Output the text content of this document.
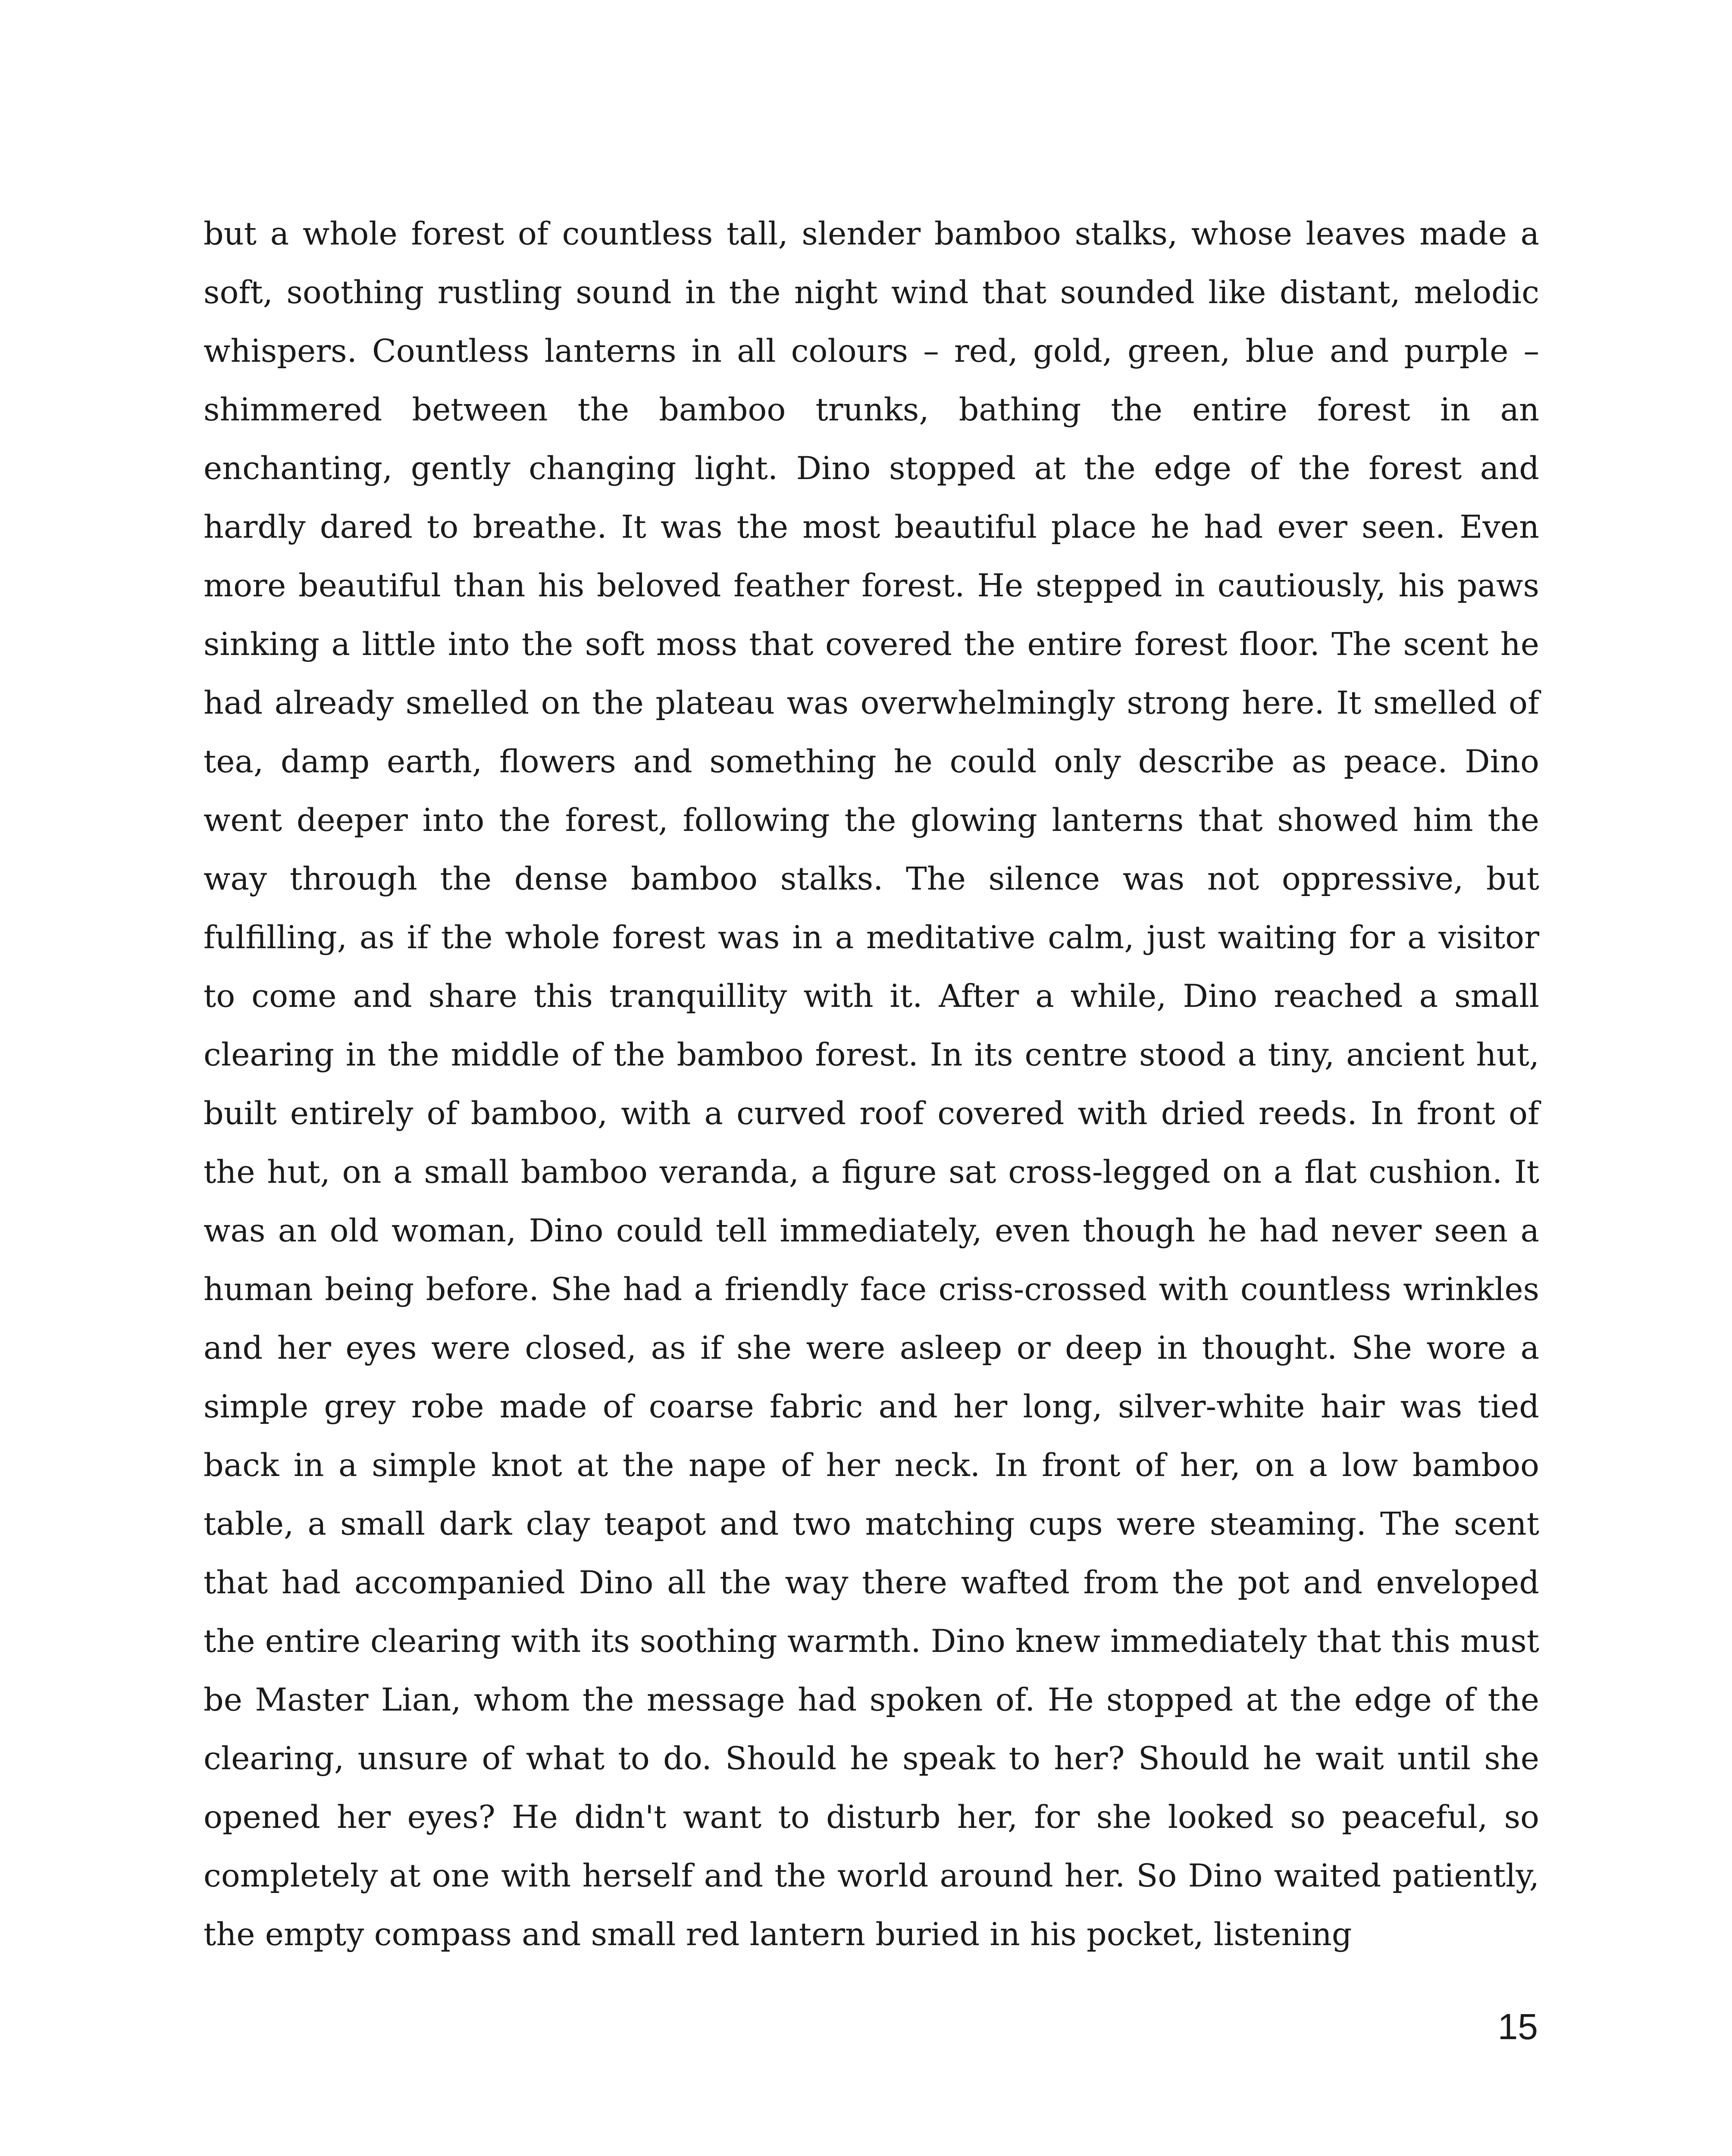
but a whole forest of countless tall, slender bamboo stalks, whose leaves made a soft, soothing rustling sound in the night wind that sounded like distant, melodic whispers. Countless lanterns in all colours – red, gold, green, blue and purple – shimmered between the bamboo trunks, bathing the entire forest in an enchanting, gently changing light. Dino stopped at the edge of the forest and hardly dared to breathe. It was the most beautiful place he had ever seen. Even more beautiful than his beloved feather forest. He stepped in cautiously, his paws sinking a little into the soft moss that covered the entire forest floor. The scent he had already smelled on the plateau was overwhelmingly strong here. It smelled of tea, damp earth, flowers and something he could only describe as peace. Dino went deeper into the forest, following the glowing lanterns that showed him the way through the dense bamboo stalks. The silence was not oppressive, but fulfilling, as if the whole forest was in a meditative calm, just waiting for a visitor to come and share this tranquillity with it. After a while, Dino reached a small clearing in the middle of the bamboo forest. In its centre stood a tiny, ancient hut, built entirely of bamboo, with a curved roof covered with dried reeds. In front of the hut, on a small bamboo veranda, a figure sat cross-legged on a flat cushion. It was an old woman, Dino could tell immediately, even though he had never seen a human being before. She had a friendly face criss-crossed with countless wrinkles and her eyes were closed, as if she were asleep or deep in thought. She wore a simple grey robe made of coarse fabric and her long, silver-white hair was tied back in a simple knot at the nape of her neck. In front of her, on a low bamboo table, a small dark clay teapot and two matching cups were steaming. The scent that had accompanied Dino all the way there wafted from the pot and enveloped the entire clearing with its soothing warmth. Dino knew immediately that this must be Master Lian, whom the message had spoken of. He stopped at the edge of the clearing, unsure of what to do. Should he speak to her? Should he wait until she opened her eyes? He didn't want to disturb her, for she looked so peaceful, so completely at one with herself and the world around her. So Dino waited patiently, the empty compass and small red lantern buried in his pocket, listening

15
